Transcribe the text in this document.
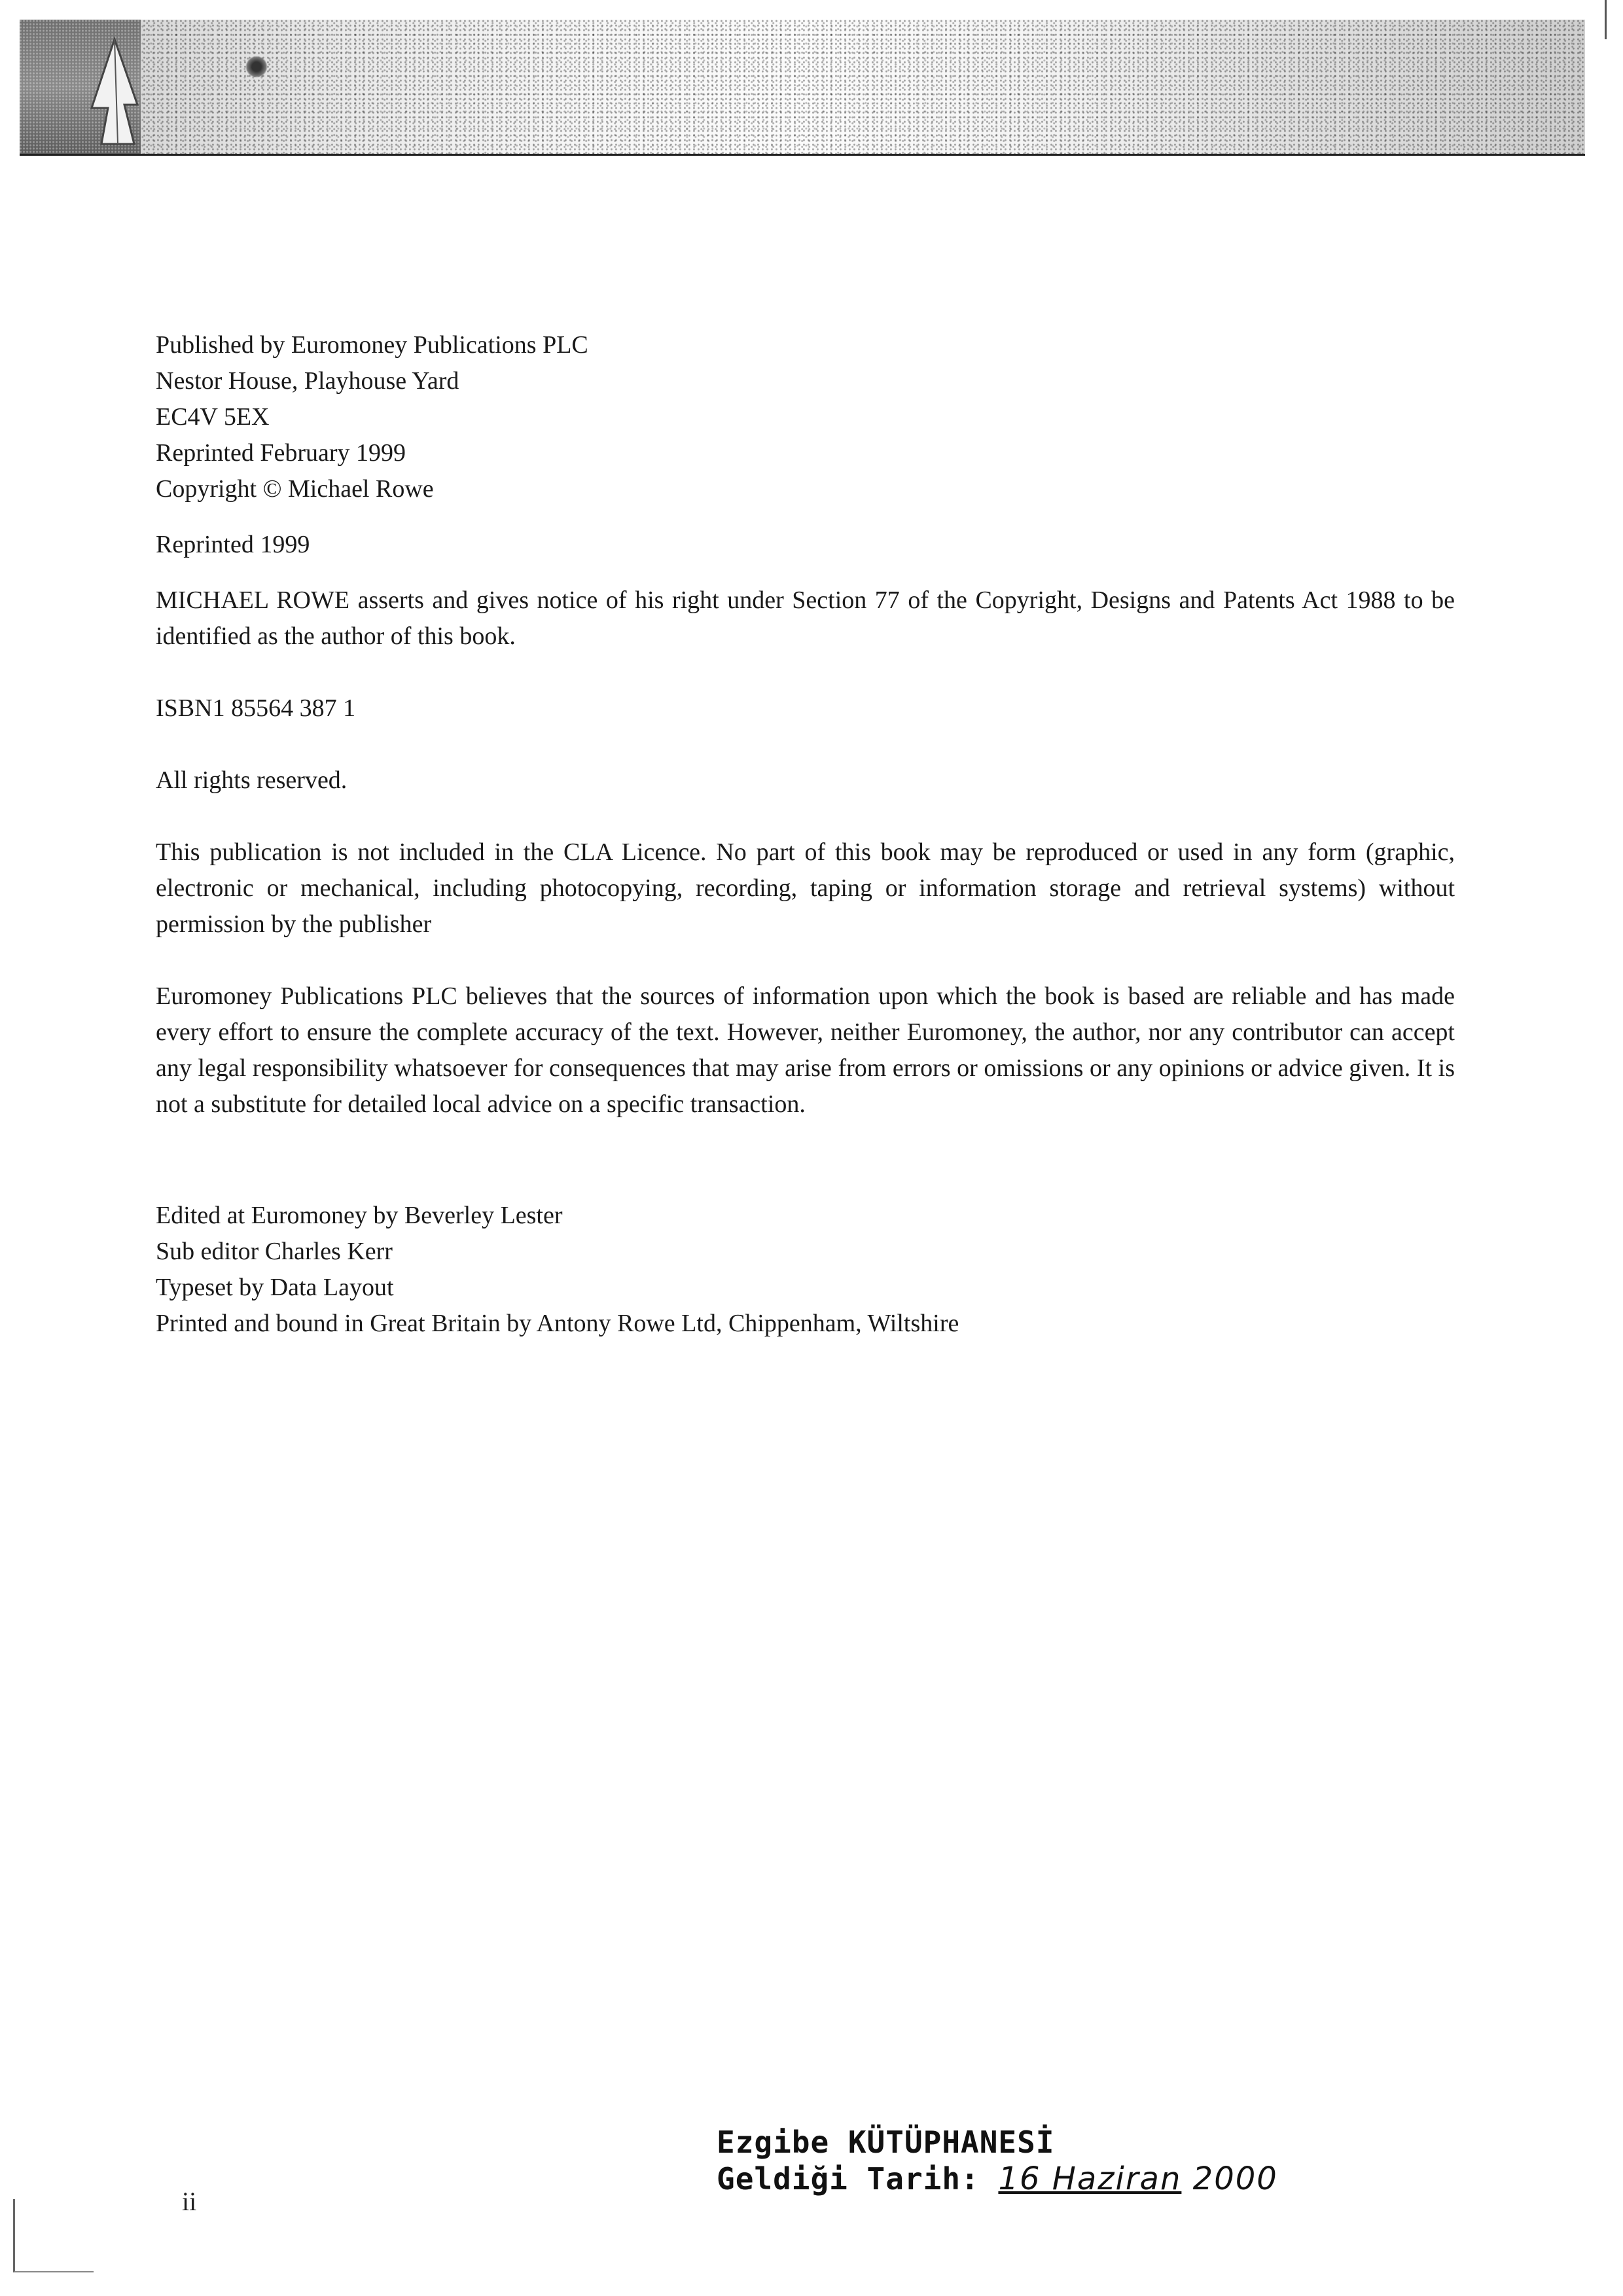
Published by Euromoney Publications PLC
Nestor House, Playhouse Yard
EC4V 5EX
Reprinted February 1999
Copyright © Michael Rowe
Reprinted 1999

MICHAEL ROWE asserts and gives notice of his right under Section 77 of the Copyright, Designs and Patents Act 1988 to be identified as the author of this book.

ISBN1 85564 387 1
All rights reserved.

This publication is not included in the CLA Licence. No part of this book may be reproduced or used in any form (graphic, electronic or mechanical, including photocopying, recording, taping or information storage and retrieval systems) without permission by the publisher

Euromoney Publications PLC believes that the sources of information upon which the book is based are reliable and has made every effort to ensure the complete accuracy of the text. However, neither Euromoney, the author, nor any contributor can accept any legal responsibility whatsoever for consequences that may arise from errors or omissions or any opinions or advice given. It is not a substitute for detailed local advice on a specific transaction.

Edited at Euromoney by Beverley Lester
Sub editor Charles Kerr
Typeset by Data Layout
Printed and bound in Great Britain by Antony Rowe Ltd, Chippenham, Wiltshire
ii
Ezgibe KÜTÜPHANESİ
Geldiği Tarih: 16 Haziran 2000
